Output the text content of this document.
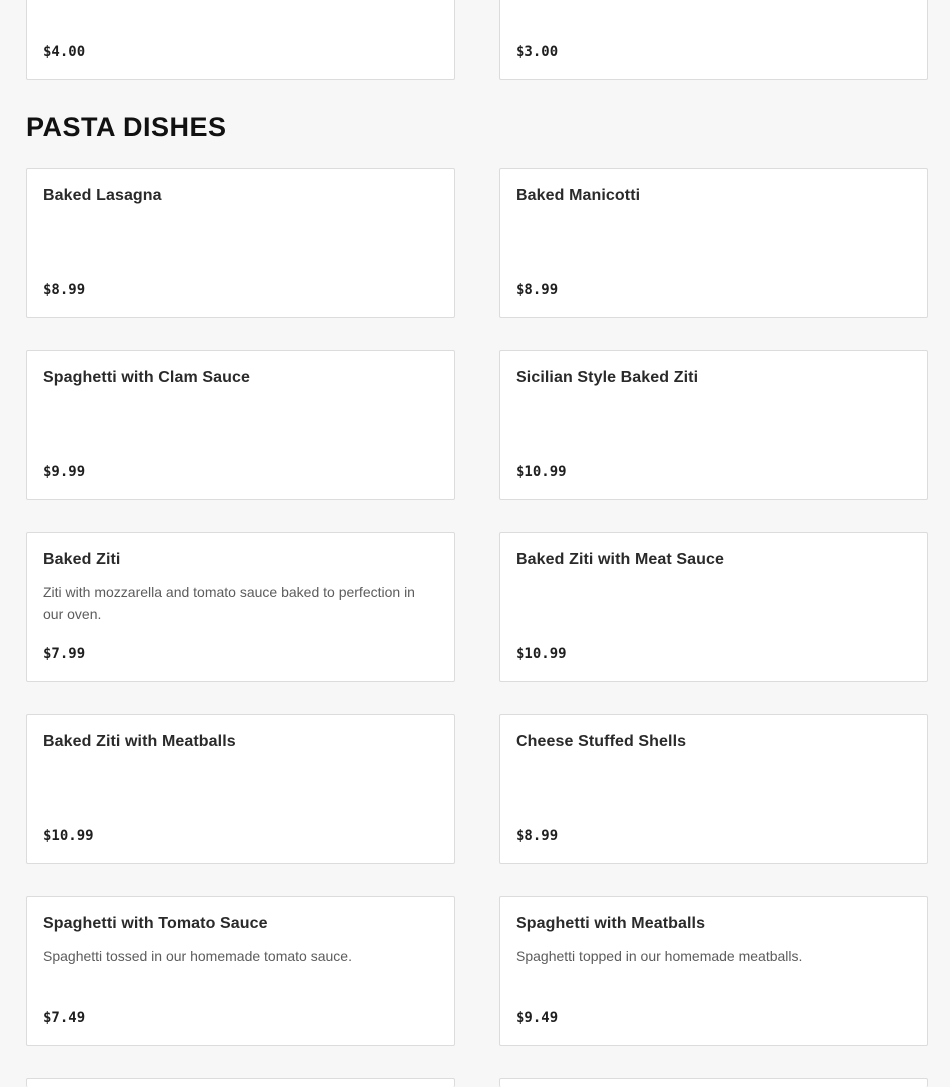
$4.00	$3.00
PASTA DISHES
Baked Lasagna
$8.99
Baked Manicotti
$8.99
Spaghetti with Clam Sauce
$9.99
Sicilian Style Baked Ziti
$10.99
Baked Ziti
Ziti with mozzarella and tomato sauce baked to perfection in our oven.
$7.99
Baked Ziti with Meat Sauce
$10.99
Baked Ziti with Meatballs
$10.99
Cheese Stuffed Shells
$8.99
Spaghetti with Tomato Sauce
Spaghetti tossed in our homemade tomato sauce.
$7.49
Spaghetti with Meatballs
Spaghetti topped in our homemade meatballs.
$9.49
